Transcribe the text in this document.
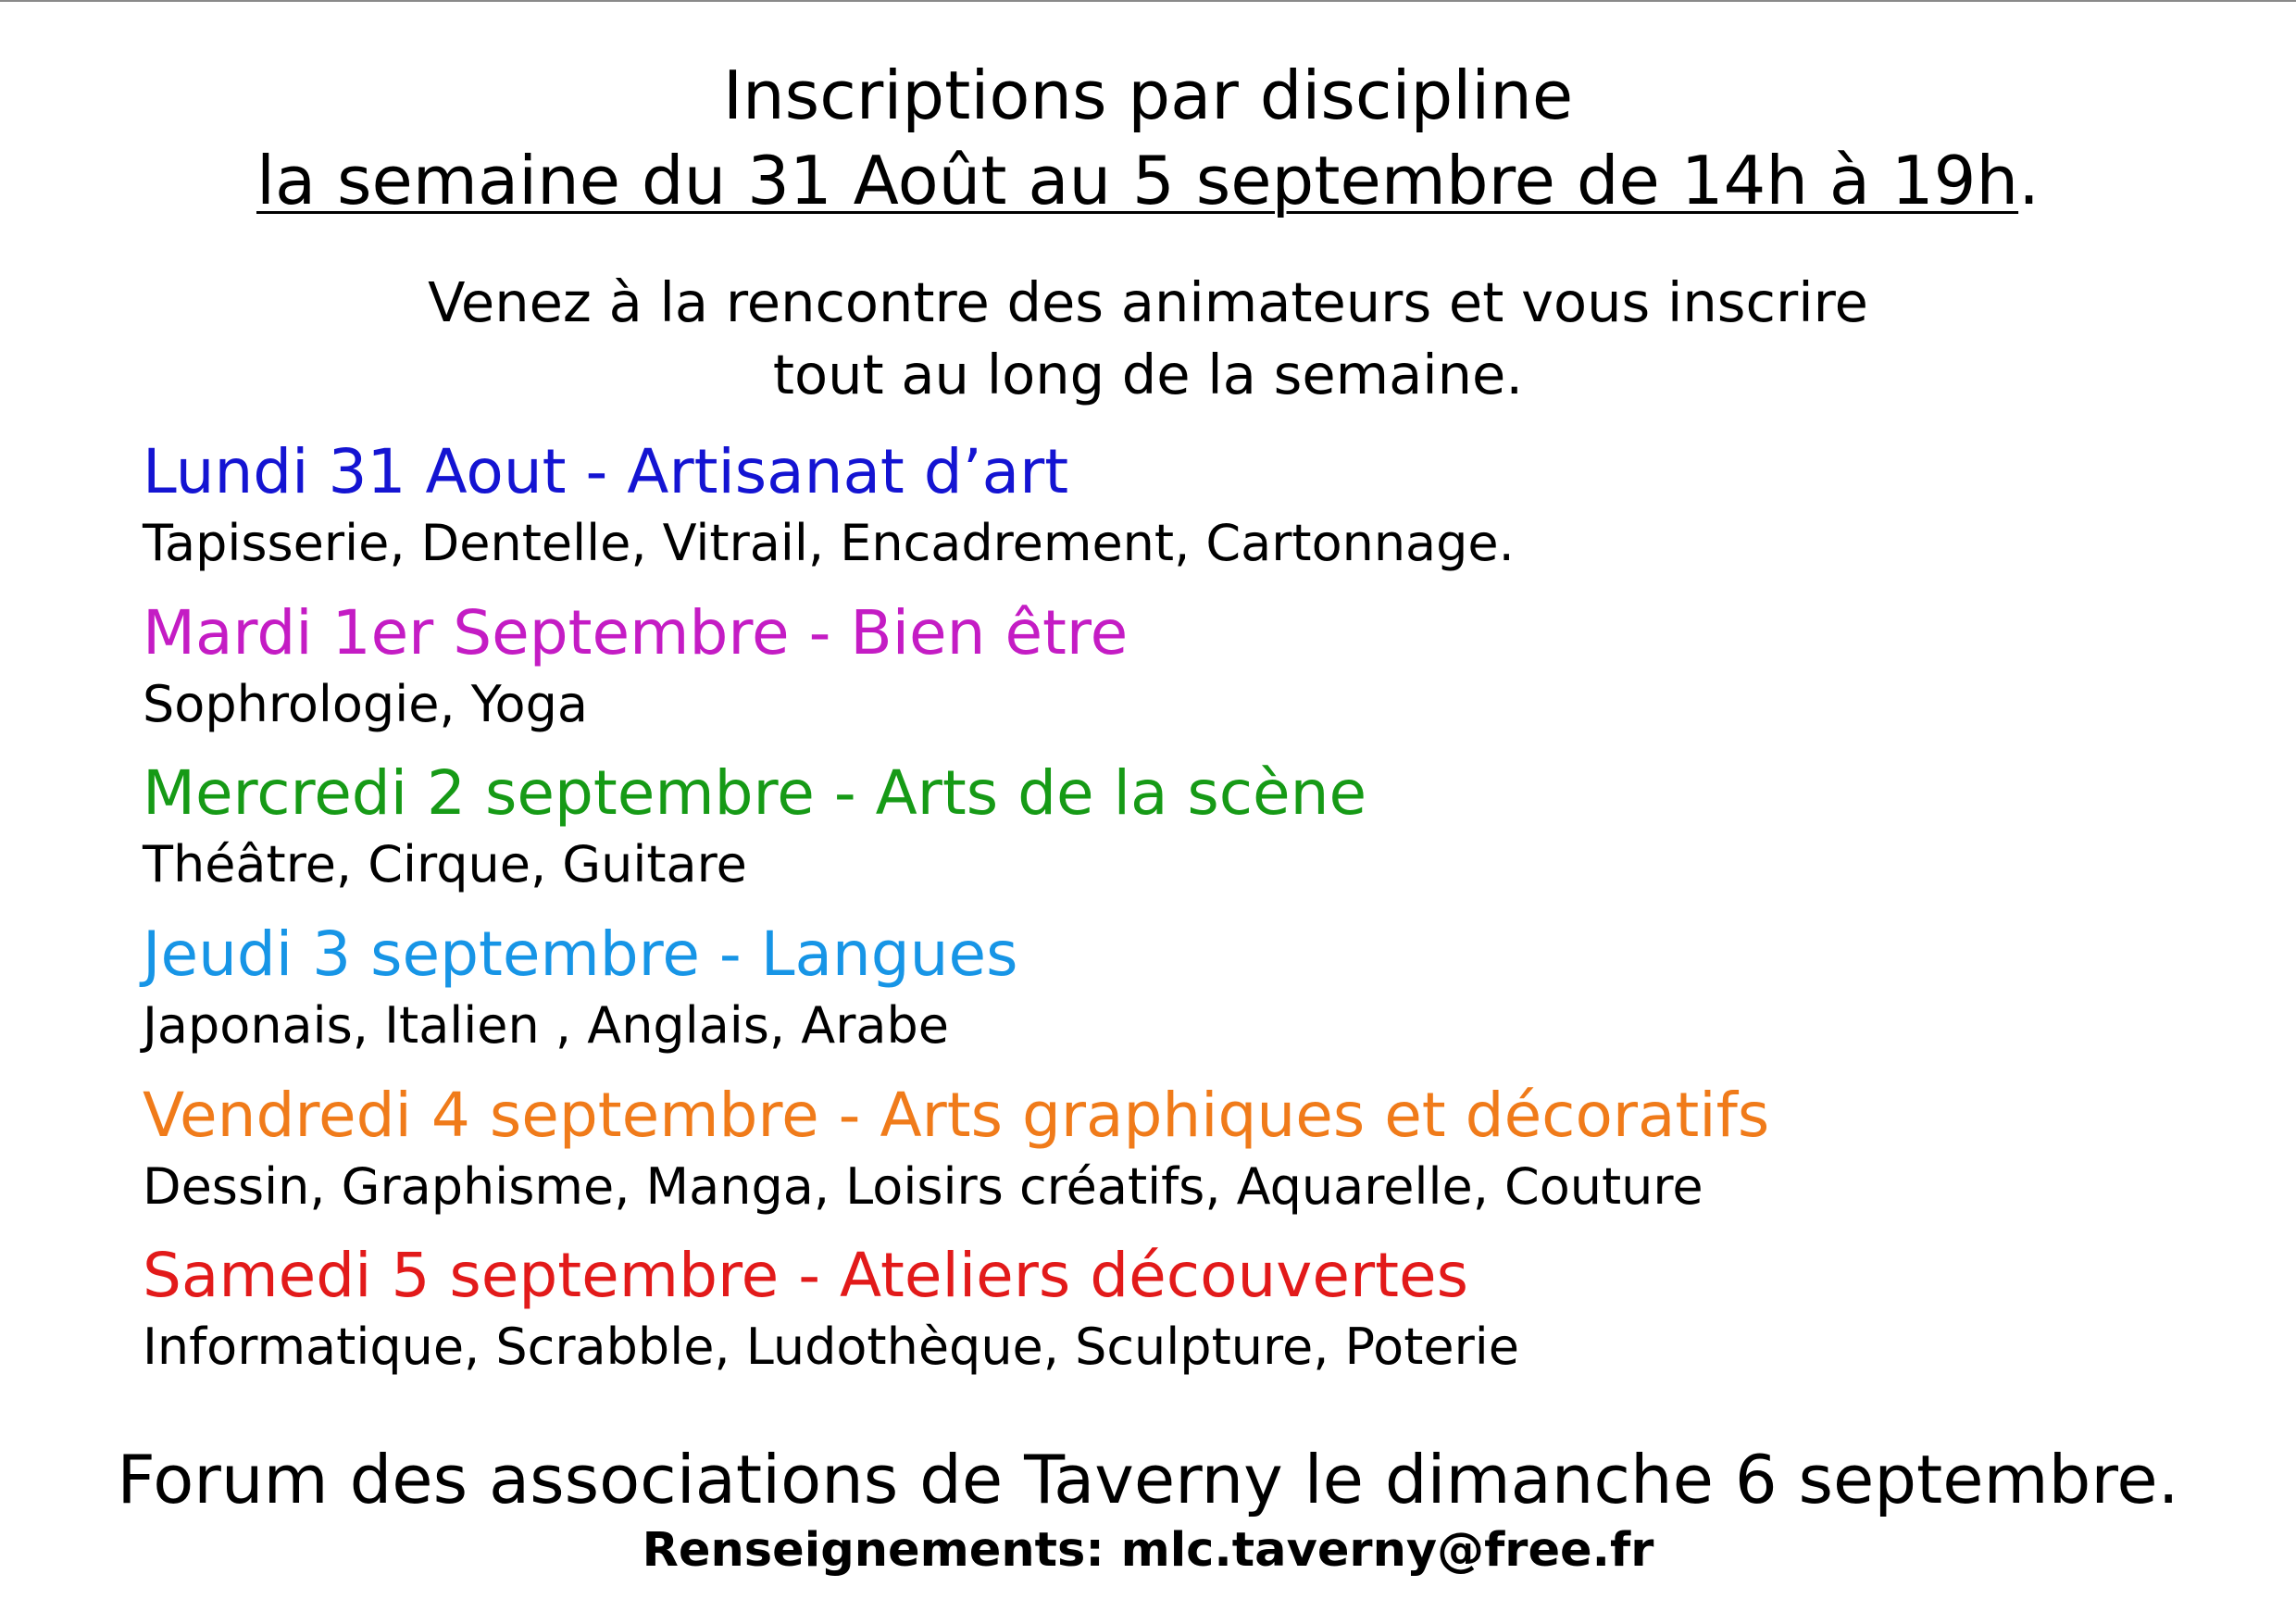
Inscriptions par discipline
la semaine du 31 Août au 5 septembre de 14h à 19h.
Venez à la rencontre des animateurs et vous inscrire
tout au long de la semaine.
Lundi 31 Aout - Artisanat d’art
Tapisserie, Dentelle, Vitrail, Encadrement, Cartonnage.
Mardi 1er Septembre - Bien être
Sophrologie, Yoga
Mercredi 2 septembre - Arts de la scène
Théâtre, Cirque, Guitare
Jeudi 3 septembre - Langues
Japonais, Italien , Anglais, Arabe
Vendredi 4 septembre - Arts graphiques et décoratifs
Dessin, Graphisme, Manga, Loisirs créatifs, Aquarelle, Couture
Samedi 5 septembre - Ateliers découvertes
Informatique, Scrabble, Ludothèque, Sculpture, Poterie
Forum des associations de Taverny le dimanche 6 septembre.
Renseignements: mlc.taverny@free.fr
